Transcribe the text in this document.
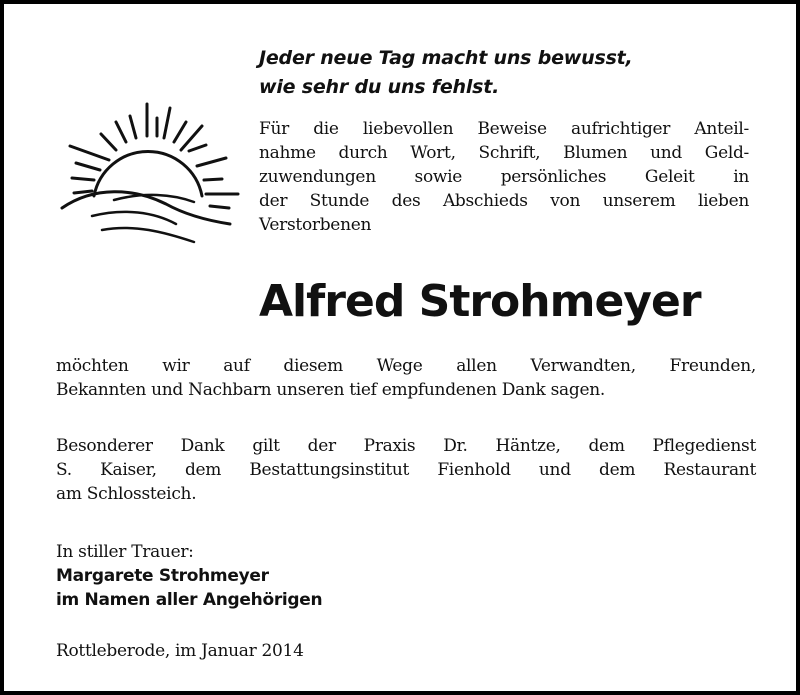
Jeder neue Tag macht uns bewusst,
wie sehr du uns fehlst.
Für die liebevollen Beweise aufrichtiger Anteil-
nahme durch Wort, Schrift, Blumen und Geld-
zuwendungen sowie persönliches Geleit in
der Stunde des Abschieds von unserem lieben
Verstorbenen
Alfred Strohmeyer
möchten wir auf diesem Wege allen Verwandten, Freunden,
Bekannten und Nachbarn unseren tief empfundenen Dank sagen.
Besonderer Dank gilt der Praxis Dr. Häntze, dem Pflegedienst
S. Kaiser, dem Bestattungsinstitut Fienhold und dem Restaurant
am Schlossteich.
In stiller Trauer:
Margarete Strohmeyer
im Namen aller Angehörigen
Rottleberode, im Januar 2014
